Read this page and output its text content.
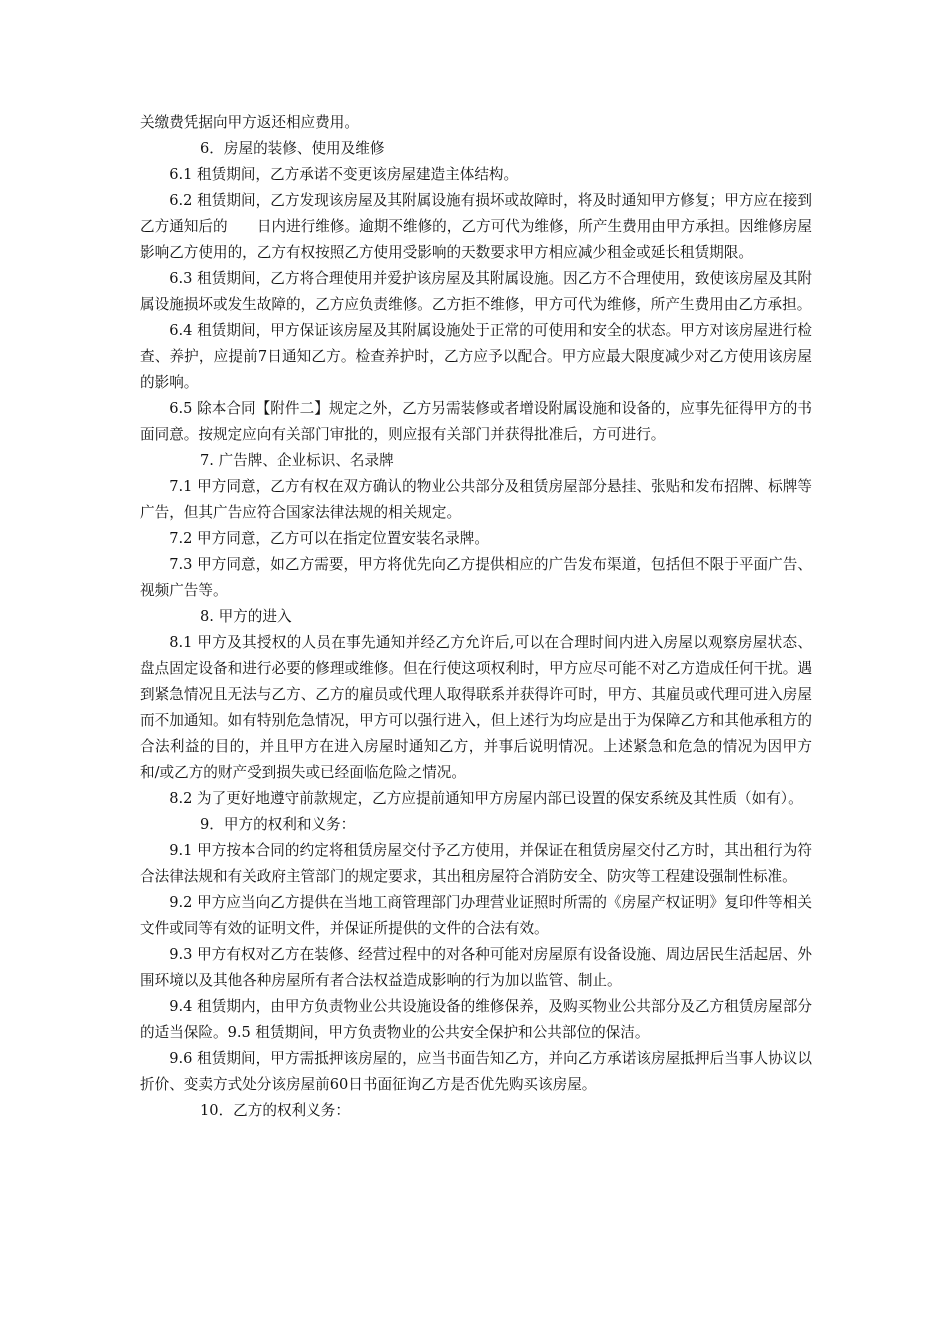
关缴费凭据向甲方返还相应费用。

6．房屋的装修、使用及维修

6.1 租赁期间，乙方承诺不变更该房屋建造主体结构。

6.2 租赁期间，乙方发现该房屋及其附属设施有损坏或故障时，将及时通知甲方修复；甲方应在接到乙方通知后的　　日内进行维修。逾期不维修的，乙方可代为维修，所产生费用由甲方承担。因维修房屋影响乙方使用的，乙方有权按照乙方使用受影响的天数要求甲方相应减少租金或延长租赁期限。

6.3 租赁期间，乙方将合理使用并爱护该房屋及其附属设施。因乙方不合理使用，致使该房屋及其附属设施损坏或发生故障的，乙方应负责维修。乙方拒不维修，甲方可代为维修，所产生费用由乙方承担。

6.4 租赁期间，甲方保证该房屋及其附属设施处于正常的可使用和安全的状态。甲方对该房屋进行检查、养护，应提前7日通知乙方。检查养护时，乙方应予以配合。甲方应最大限度减少对乙方使用该房屋的影响。

6.5 除本合同【附件二】规定之外，乙方另需装修或者增设附属设施和设备的，应事先征得甲方的书面同意。按规定应向有关部门审批的，则应报有关部门并获得批准后，方可进行。

7. 广告牌、企业标识、名录牌

7.1 甲方同意，乙方有权在双方确认的物业公共部分及租赁房屋部分悬挂、张贴和发布招牌、标牌等广告，但其广告应符合国家法律法规的相关规定。

7.2 甲方同意，乙方可以在指定位置安装名录牌。

7.3 甲方同意，如乙方需要，甲方将优先向乙方提供相应的广告发布渠道，包括但不限于平面广告、视频广告等。

8. 甲方的进入

8.1 甲方及其授权的人员在事先通知并经乙方允许后,可以在合理时间内进入房屋以观察房屋状态、盘点固定设备和进行必要的修理或维修。但在行使这项权利时，甲方应尽可能不对乙方造成任何干扰。遇到紧急情况且无法与乙方、乙方的雇员或代理人取得联系并获得许可时，甲方、其雇员或代理可进入房屋而不加通知。如有特别危急情况，甲方可以强行进入，但上述行为均应是出于为保障乙方和其他承租方的合法利益的目的，并且甲方在进入房屋时通知乙方，并事后说明情况。上述紧急和危急的情况为因甲方和/或乙方的财产受到损失或已经面临危险之情况。

8.2 为了更好地遵守前款规定，乙方应提前通知甲方房屋内部已设置的保安系统及其性质（如有）。

9．甲方的权利和义务：

9.1 甲方按本合同的约定将租赁房屋交付予乙方使用，并保证在租赁房屋交付乙方时，其出租行为符合法律法规和有关政府主管部门的规定要求，其出租房屋符合消防安全、防灾等工程建设强制性标准。

9.2 甲方应当向乙方提供在当地工商管理部门办理营业证照时所需的《房屋产权证明》复印件等相关文件或同等有效的证明文件，并保证所提供的文件的合法有效。

9.3 甲方有权对乙方在装修、经营过程中的对各种可能对房屋原有设备设施、周边居民生活起居、外围环境以及其他各种房屋所有者合法权益造成影响的行为加以监管、制止。

9.4 租赁期内，由甲方负责物业公共设施设备的维修保养，及购买物业公共部分及乙方租赁房屋部分的适当保险。9.5 租赁期间，甲方负责物业的公共安全保护和公共部位的保洁。

9.6 租赁期间，甲方需抵押该房屋的，应当书面告知乙方，并向乙方承诺该房屋抵押后当事人协议以折价、变卖方式处分该房屋前60日书面征询乙方是否优先购买该房屋。

10．乙方的权利义务：
